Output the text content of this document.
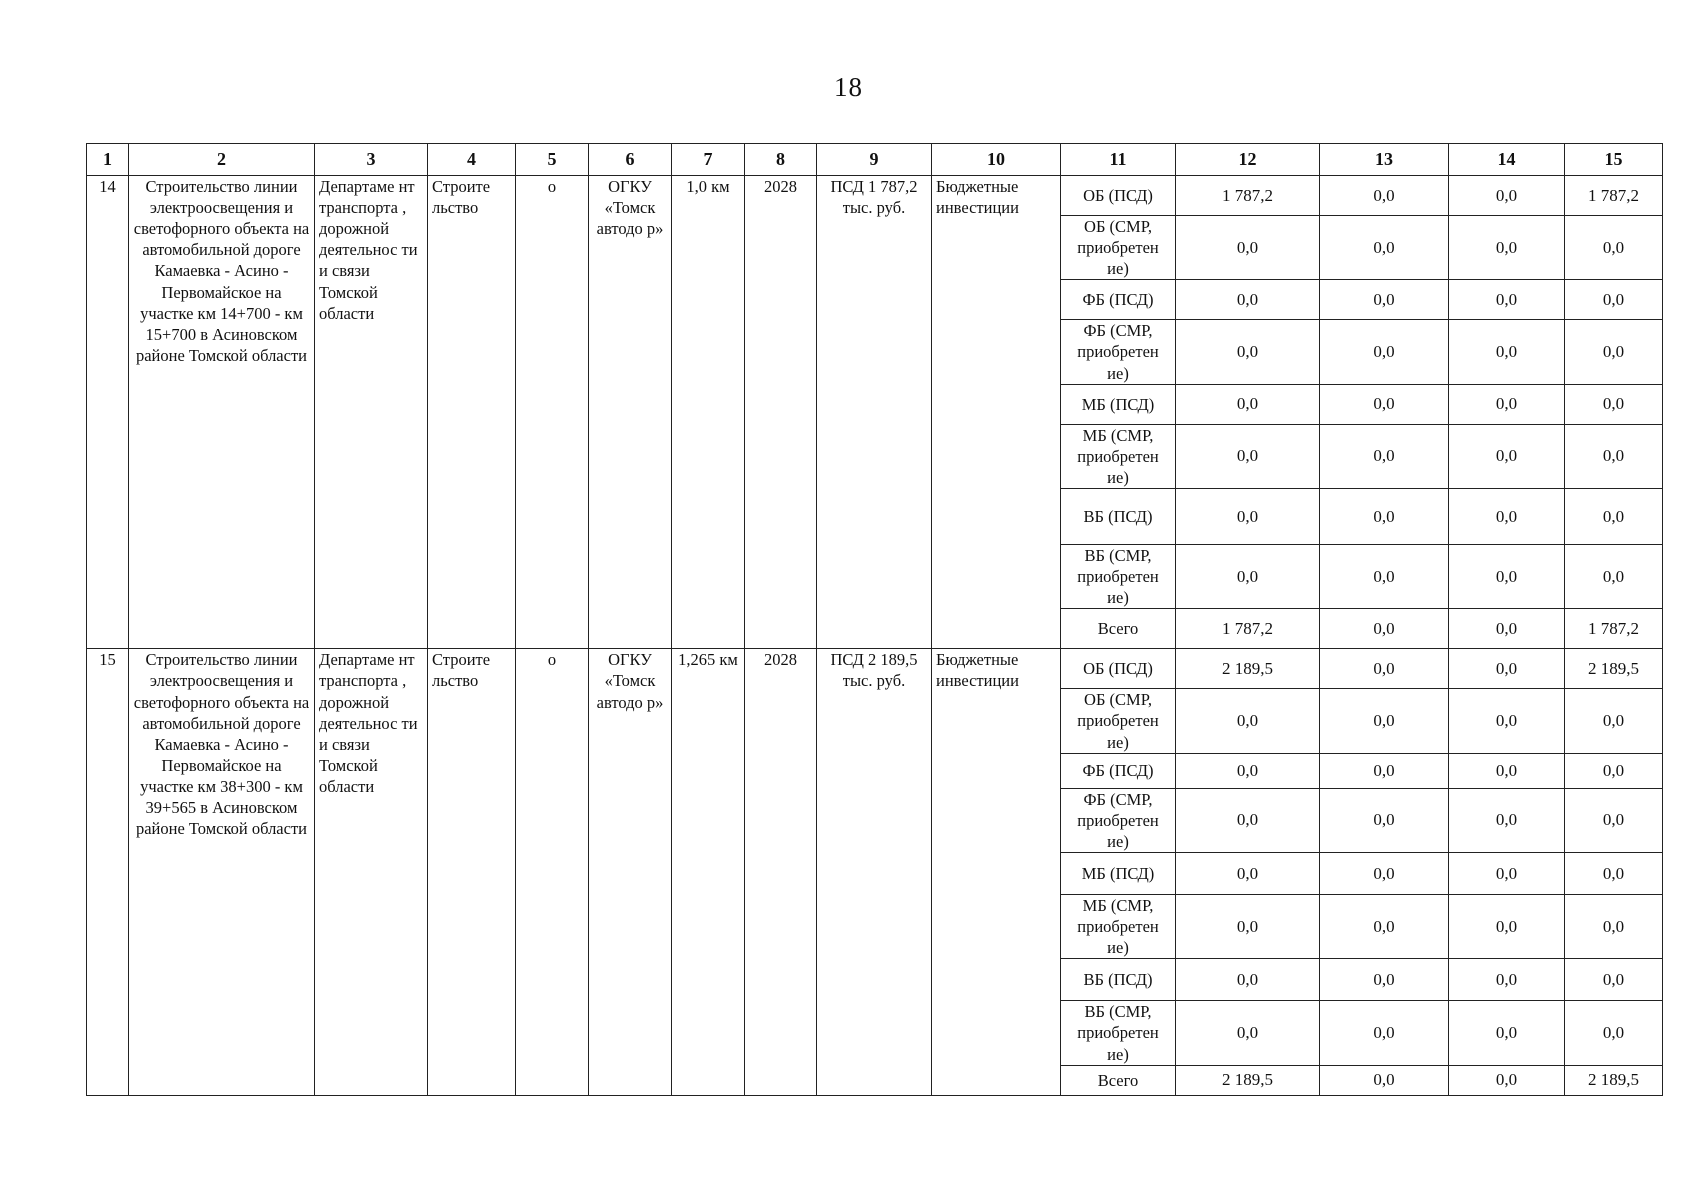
18
1	2	3	4	5	6	7	8	9	10	11	12	13	14	15
14	Строительство линии электроосвещения и светофорного объекта на автомобильной дороге Камаевка - Асино - Первомайское на участке км 14+700 - км 15+700 в Асиновском районе Томской области	Департаме нт транспорта , дорожной деятельнос ти и связи Томской области	Строите льство	о	ОГКУ «Томск автодо р»	1,0 км	2028	ПСД 1 787,2 тыс. руб.	Бюджетные инвестиции	ОБ (ПСД)	1 787,2	0,0	0,0	1 787,2
										ОБ (СМР, приобретен ие)	0,0	0,0	0,0	0,0
										ФБ (ПСД)	0,0	0,0	0,0	0,0
										ФБ (СМР, приобретен ие)	0,0	0,0	0,0	0,0
										МБ (ПСД)	0,0	0,0	0,0	0,0
										МБ (СМР, приобретен ие)	0,0	0,0	0,0	0,0
										ВБ (ПСД)	0,0	0,0	0,0	0,0
										ВБ (СМР, приобретен ие)	0,0	0,0	0,0	0,0
										Всего	1 787,2	0,0	0,0	1 787,2
15	Строительство линии электроосвещения и светофорного объекта на автомобильной дороге Камаевка - Асино - Первомайское на участке км 38+300 - км 39+565 в Асиновском районе Томской области	Департаме нт транспорта , дорожной деятельнос ти и связи Томской области	Строите льство	о	ОГКУ «Томск автодо р»	1,265 км	2028	ПСД 2 189,5 тыс. руб.	Бюджетные инвестиции	ОБ (ПСД)	2 189,5	0,0	0,0	2 189,5
										ОБ (СМР, приобретен ие)	0,0	0,0	0,0	0,0
										ФБ (ПСД)	0,0	0,0	0,0	0,0
										ФБ (СМР, приобретен ие)	0,0	0,0	0,0	0,0
										МБ (ПСД)	0,0	0,0	0,0	0,0
										МБ (СМР, приобретен ие)	0,0	0,0	0,0	0,0
										ВБ (ПСД)	0,0	0,0	0,0	0,0
										ВБ (СМР, приобретен ие)	0,0	0,0	0,0	0,0
										Всего	2 189,5	0,0	0,0	2 189,5
